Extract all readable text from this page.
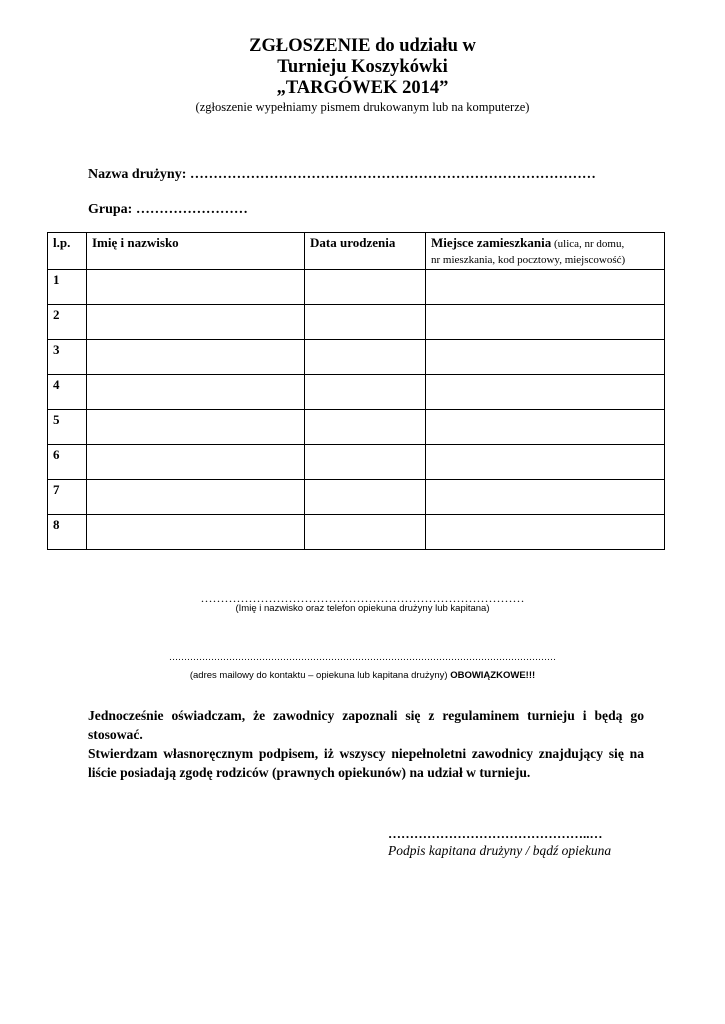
ZGŁOSZENIE do udziału w
Turnieju Koszykówki
„TARGÓWEK 2014”
(zgłoszenie wypełniamy pismem drukowanym lub na komputerze)
Nazwa drużyny: ……………………………………………………………………………
Grupa: ……………………
l.p.	Imię i nazwisko	Data urodzenia	Miejsce zamieszkania (ulica, nr domu,
nr mieszkania, kod pocztowy, miejscowość)
1			
2			
3			
4			
5			
6			
7			
8			
………………………………………………………………………
(Imię i nazwisko oraz telefon opiekuna drużyny lub kapitana)
…………………………………………………………………………………………………………………
(adres mailowy do kontaktu – opiekuna lub kapitana drużyny) OBOWIĄZKOWE!!!

Jednocześnie oświadczam, że zawodnicy zapoznali się z regulaminem turnieju i będą go stosować.

Stwierdzam własnoręcznym podpisem, iż wszyscy niepełnoletni zawodnicy znajdujący się na liście posiadają zgodę rodziców (prawnych opiekunów) na udział w turnieju.

………………………………………..…
Podpis kapitana drużyny / bądź opiekuna
